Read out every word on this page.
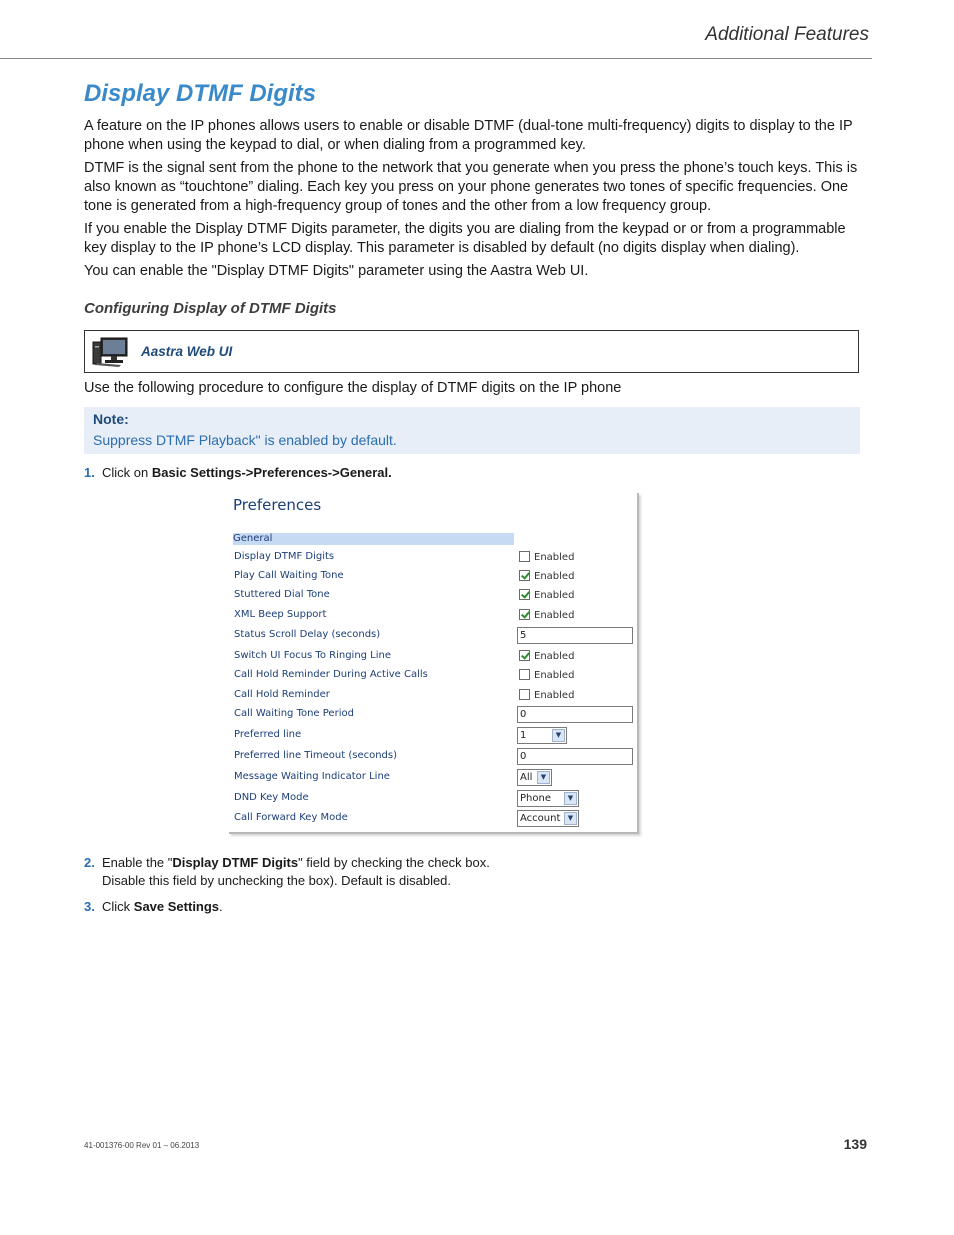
Additional Features
Display DTMF Digits

A feature on the IP phones allows users to enable or disable DTMF (dual-tone multi-frequency) digits to display to the IP phone when using the keypad to dial, or when dialing from a programmed key.

DTMF is the signal sent from the phone to the network that you generate when you press the phone’s touch keys. This is also known as “touchtone” dialing. Each key you press on your phone generates two tones of specific frequencies. One tone is generated from a high-frequency group of tones and the other from a low frequency group.

If you enable the Display DTMF Digits parameter, the digits you are dialing from the keypad or or from a programmable key display to the IP phone’s LCD display. This parameter is disabled by default (no digits display when dialing).

You can enable the "Display DTMF Digits" parameter using the Aastra Web UI.

Configuring Display of DTMF Digits
Aastra Web UI

Use the following procedure to configure the display of DTMF digits on the IP phone

Note:
Suppress DTMF Playback" is enabled by default.
1. Click on Basic Settings->Preferences->General.
Preferences
General
Display DTMF Digits	Enabled
Play Call Waiting Tone	Enabled
Stuttered Dial Tone	Enabled
XML Beep Support	Enabled
Status Scroll Delay (seconds)	5
Switch UI Focus To Ringing Line	Enabled
Call Hold Reminder During Active Calls	Enabled
Call Hold Reminder	Enabled
Call Waiting Tone Period	0
Preferred line	1	▼
Preferred line Timeout (seconds)	0
Message Waiting Indicator Line	All	▼
DND Key Mode	Phone	▼
Call Forward Key Mode	Account	▼
2. Enable the "Display DTMF Digits" field by checking the check box.
Disable this field by unchecking the box). Default is disabled.
3. Click Save Settings.
41-001376-00 Rev 01 – 06.2013	139
